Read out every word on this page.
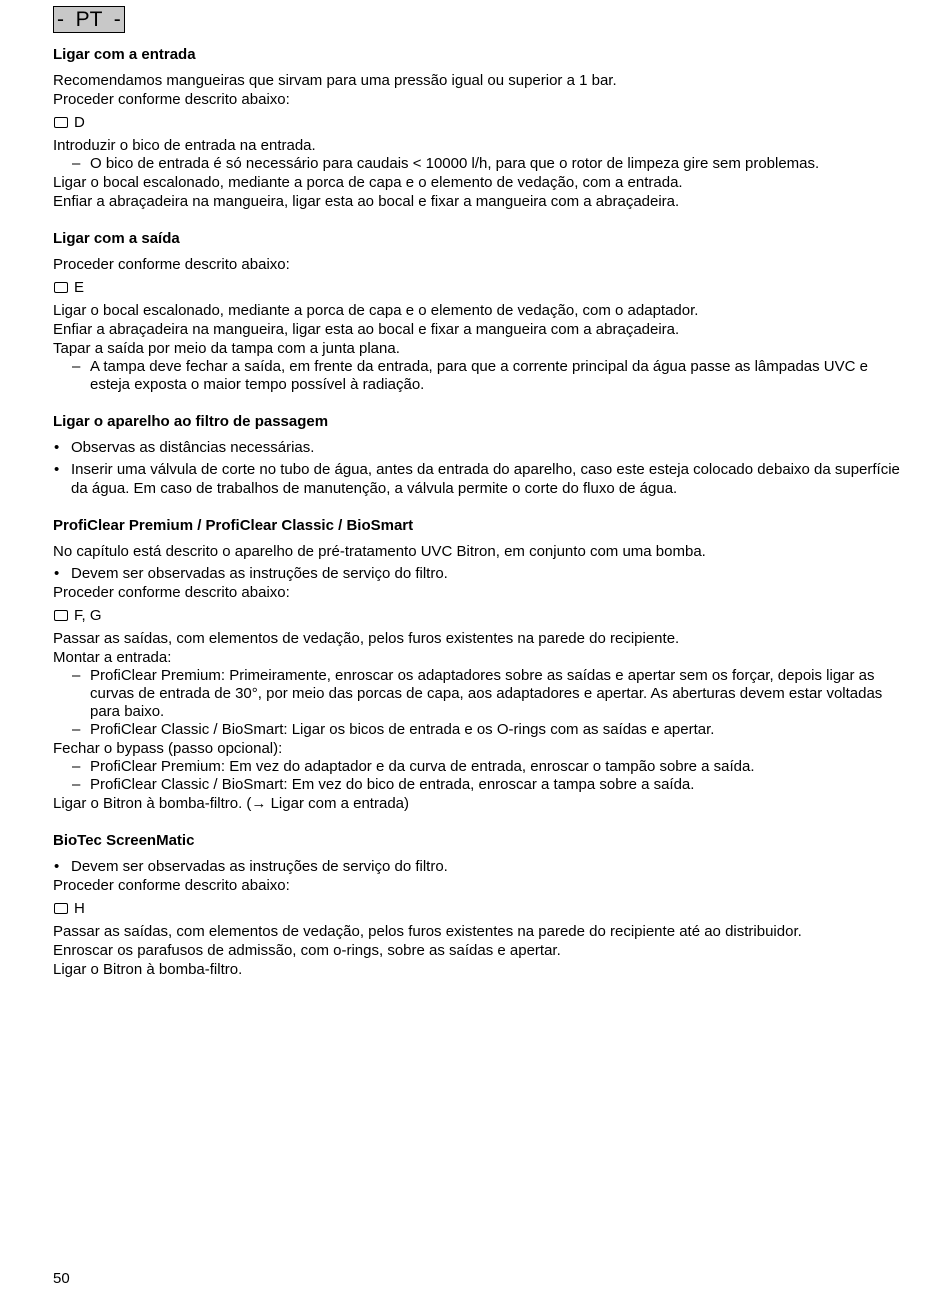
-  PT  -
Ligar com a entrada
Recomendamos mangueiras que sirvam para uma pressão igual ou superior a 1 bar.
Proceder conforme descrito abaixo:
D
Introduzir o bico de entrada na entrada.
– O bico de entrada é só necessário para caudais < 10000 l/h, para que o rotor de limpeza gire sem problemas.
Ligar o bocal escalonado, mediante a porca de capa e o elemento de vedação, com a entrada.
Enfiar a abraçadeira na mangueira, ligar esta ao bocal e fixar a mangueira com a abraçadeira.
Ligar com a saída
Proceder conforme descrito abaixo:
E
Ligar o bocal escalonado, mediante a porca de capa e o elemento de vedação, com o adaptador.
Enfiar a abraçadeira na mangueira, ligar esta ao bocal e fixar a mangueira com a abraçadeira.
Tapar a saída por meio da tampa com a junta plana.
– A tampa deve fechar a saída, em frente da entrada, para que a corrente principal da água passe as lâmpadas UVC e esteja exposta o maior tempo possível à radiação.
Ligar o aparelho ao filtro de passagem
• Observas as distâncias necessárias.
• Inserir uma válvula de corte no tubo de água, antes da entrada do aparelho, caso este esteja colocado debaixo da superfície da água. Em caso de trabalhos de manutenção, a válvula permite o corte do fluxo de água.
ProfiClear Premium / ProfiClear Classic / BioSmart
No capítulo está descrito o aparelho de pré-tratamento UVC Bitron, em conjunto com uma bomba.
• Devem ser observadas as instruções de serviço do filtro.
Proceder conforme descrito abaixo:
F, G
Passar as saídas, com elementos de vedação, pelos furos existentes na parede do recipiente.
Montar a entrada:
– ProfiClear Premium: Primeiramente, enroscar os adaptadores sobre as saídas e apertar sem os forçar, depois ligar as curvas de entrada de 30°, por meio das porcas de capa, aos adaptadores e apertar. As aberturas devem estar voltadas para baixo.
– ProfiClear Classic / BioSmart: Ligar os bicos de entrada e os O-rings com as saídas e apertar.
Fechar o bypass (passo opcional):
– ProfiClear Premium: Em vez do adaptador e da curva de entrada, enroscar o tampão sobre a saída.
– ProfiClear Classic / BioSmart: Em vez do bico de entrada, enroscar a tampa sobre a saída.
Ligar o Bitron à bomba-filtro. (→ Ligar com a entrada)
BioTec ScreenMatic
• Devem ser observadas as instruções de serviço do filtro.
Proceder conforme descrito abaixo:
H
Passar as saídas, com elementos de vedação, pelos furos existentes na parede do recipiente até ao distribuidor.
Enroscar os parafusos de admissão, com o-rings, sobre as saídas e apertar.
Ligar o Bitron à bomba-filtro.
50
